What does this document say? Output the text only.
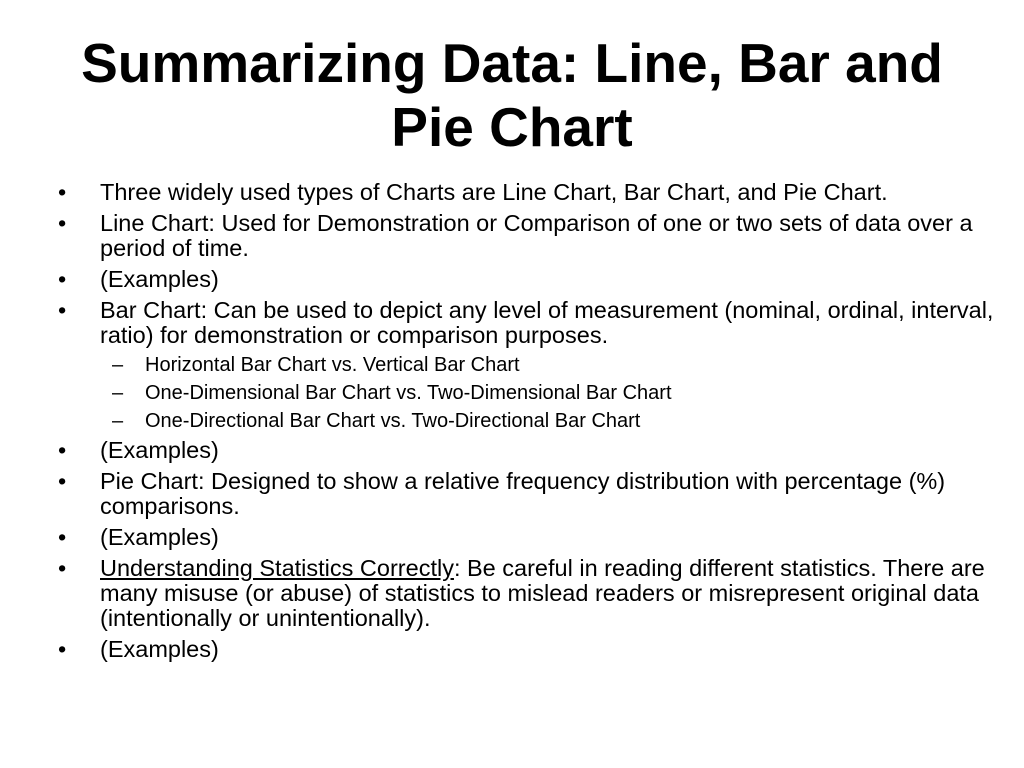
Summarizing Data: Line, Bar and
Pie Chart
• Three widely used types of Charts are Line Chart, Bar Chart, and Pie Chart.
• Line Chart: Used for Demonstration or Comparison of one or two sets of data over a period of time.
• (Examples)
• Bar Chart: Can be used to depict any level of measurement (nominal, ordinal, interval, ratio) for demonstration or comparison purposes.
– Horizontal Bar Chart vs. Vertical Bar Chart
– One-Dimensional Bar Chart vs. Two-Dimensional Bar Chart
– One-Directional Bar Chart vs. Two-Directional Bar Chart
• (Examples)
• Pie Chart: Designed to show a relative frequency distribution with percentage (%) comparisons.
• (Examples)
• Understanding Statistics Correctly: Be careful in reading different statistics. There are many misuse (or abuse) of statistics to mislead readers or misrepresent original data (intentionally or unintentionally).
• (Examples)
